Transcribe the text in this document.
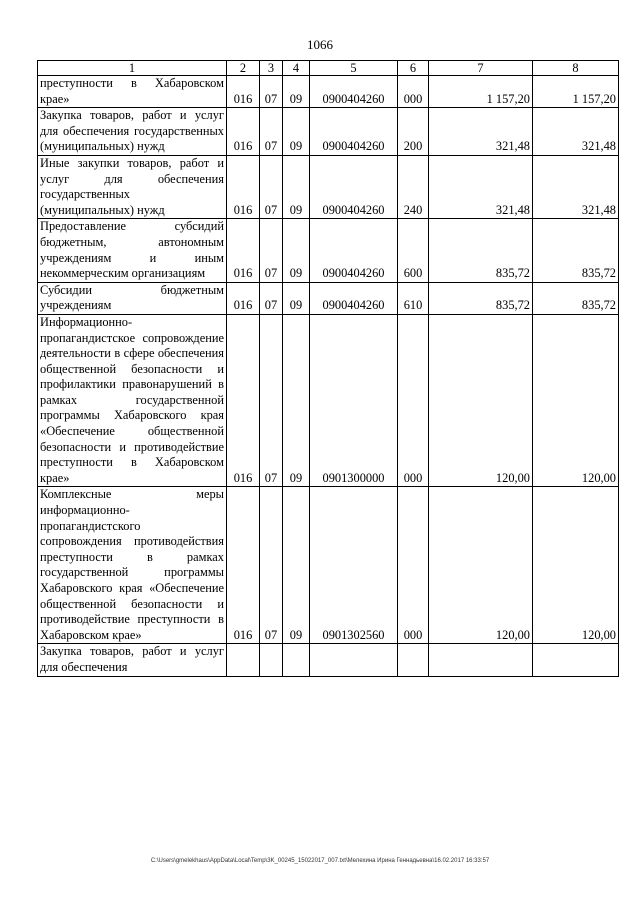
1066
1	2	3	4	5	6	7	8
преступности в Хабаровском крае»	016	07	09	0900404260	000	1 157,20	1 157,20
Закупка товаров, работ и услуг для обеспечения государственных (муниципальных) нужд	016	07	09	0900404260	200	321,48	321,48
Иные закупки товаров, работ и услуг для обеспечения государственных (муниципальных) нужд	016	07	09	0900404260	240	321,48	321,48
Предоставление субсидий бюджетным, автономным учреждениям и иным некоммерческим организациям	016	07	09	0900404260	600	835,72	835,72
Субсидии бюджетным учреждениям	016	07	09	0900404260	610	835,72	835,72
Информационно-пропагандистское сопровождение деятельности в сфере обеспечения общественной безопасности и профилактики правонарушений в рамках государственной программы Хабаровского края «Обеспечение общественной безопасности и противодействие преступности в Хабаровском крае»	016	07	09	0901300000	000	120,00	120,00
Комплексные меры информационно-пропагандистского сопровождения противодействия преступности в рамках государственной программы Хабаровского края «Обеспечение общественной безопасности и противодействие преступности в Хабаровском крае»	016	07	09	0901302560	000	120,00	120,00
Закупка товаров, работ и услуг для обеспечения							
C:\Users\gmelekhaus\AppData\Local\Temp\3K_00245_15022017_007.txt\Мелехина Ирина Геннадьевна\16.02.2017 16:33:57
